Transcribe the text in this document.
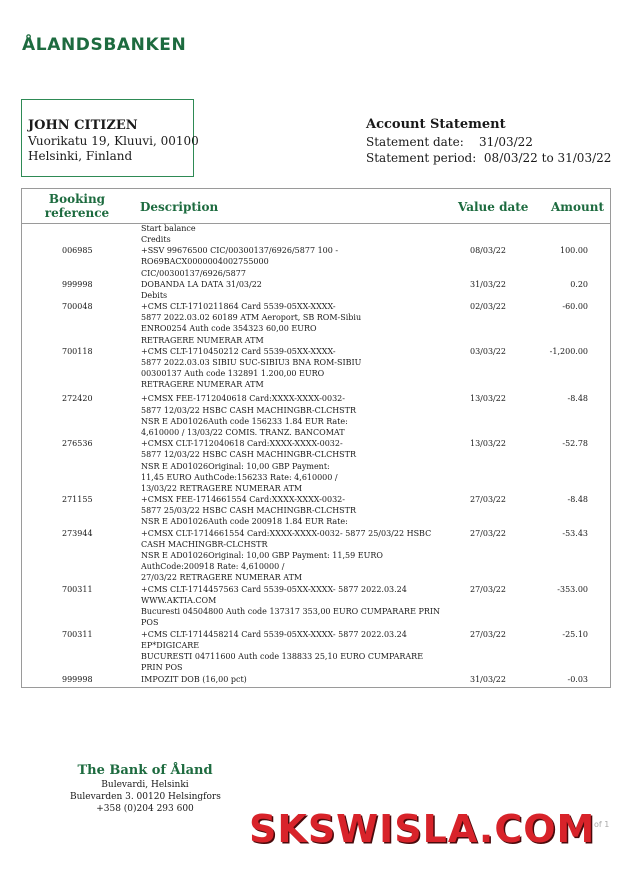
ÅLANDSBANKEN
JOHN CITIZEN
Vuorikatu 19, Kluuvi, 00100
Helsinki, Finland
Account Statement
Statement date: 31/03/22
Statement period: 08/03/22 to 31/03/22
Booking
reference	Description	Value date Amount
Start balance
Credits
006985	+SSV 99676500 CIC/00300137/6926/5877 100 -	08/03/22	100.00
RO69BACX0000004002755000
CIC/00300137/6926/5877
999998	DOBANDA LA DATA 31/03/22	31/03/22	0.20
Debits
700048	+CMS CLT-1710211864 Card 5539-05XX-XXXX-	02/03/22	-60.00
5877 2022.03.02 60189 ATM Aeroport, SB ROM-Sibiu
ENRO0254 Auth code 354323 60,00 EURO
RETRAGERE NUMERAR ATM
700118	+CMS CLT-1710450212 Card 5539-05XX-XXXX-	03/03/22	-1,200.00
5877 2022.03.03 SIBIU SUC-SIBIU3 BNA ROM-SIBIU
00300137 Auth code 132891 1.200,00 EURO
RETRAGERE NUMERAR ATM
272420	+CMSX FEE-1712040618 Card:XXXX-XXXX-0032-	13/03/22	-8.48
5877 12/03/22 HSBC CASH MACHINGBR-CLCHSTR
NSR E AD01026Auth code 156233 1.84 EUR Rate:
4,610000 / 13/03/22 COMIS. TRANZ. BANCOMAT
276536	+CMSX CLT-1712040618 Card:XXXX-XXXX-0032-	13/03/22	-52.78
5877 12/03/22 HSBC CASH MACHINGBR-CLCHSTR
NSR E AD01026Original: 10,00 GBP Payment:
11,45 EURO AuthCode:156233 Rate: 4,610000 /
13/03/22 RETRAGERE NUMERAR ATM
271155	+CMSX FEE-1714661554 Card:XXXX-XXXX-0032-	27/03/22	-8.48
5877 25/03/22 HSBC CASH MACHINGBR-CLCHSTR
NSR E AD01026Auth code 200918 1.84 EUR Rate:
273944	+CMSX CLT-1714661554 Card:XXXX-XXXX-0032- 5877 25/03/22 HSBC	27/03/22	-53.43
CASH MACHINGBR-CLCHSTR
NSR E AD01026Original: 10,00 GBP Payment: 11,59 EURO
AuthCode:200918 Rate: 4,610000 /
27/03/22 RETRAGERE NUMERAR ATM
700311	+CMS CLT-1714457563 Card 5539-05XX-XXXX- 5877 2022.03.24	27/03/22	-353.00
WWW.AKTIA.COM
Bucuresti 04504800 Auth code 137317 353,00 EURO CUMPARARE PRIN
POS
700311	+CMS CLT-1714458214 Card 5539-05XX-XXXX- 5877 2022.03.24	27/03/22	-25.10
EP*DIGICARE
BUCURESTI 04711600 Auth code 138833 25,10 EURO CUMPARARE
PRIN POS
999998	IMPOZIT DOB (16,00 pct)	31/03/22	-0.03
The Bank of Åland
Bulevardi, Helsinki
Bulevarden 3. 00120 Helsingfors
+358 (0)204 293 600	SKSWISLA.COM
of 1
